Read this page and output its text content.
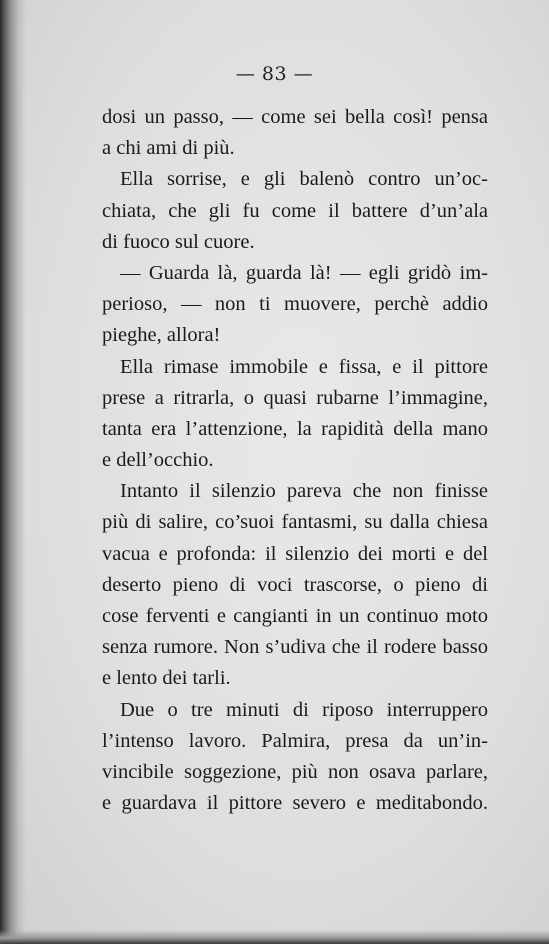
— 83 —
dosi un passo, — come sei bella così! pensa
a chi ami di più.
Ella sorrise, e gli balenò contro un’oc-
chiata, che gli fu come il battere d’un’ala
di fuoco sul cuore.
— Guarda là, guarda là! — egli gridò im-
perioso, — non ti muovere, perchè addio
pieghe, allora!
Ella rimase immobile e fissa, e il pittore
prese a ritrarla, o quasi rubarne l’immagine,
tanta era l’attenzione, la rapidità della mano
e dell’occhio.
Intanto il silenzio pareva che non finisse
più di salire, co’suoi fantasmi, su dalla chiesa
vacua e profonda: il silenzio dei morti e del
deserto pieno di voci trascorse, o pieno di
cose ferventi e cangianti in un continuo moto
senza rumore. Non s’udiva che il rodere basso
e lento dei tarli.
Due o tre minuti di riposo interruppero
l’intenso lavoro. Palmira, presa da un’in-
vincibile soggezione, più non osava parlare,
e guardava il pittore severo e meditabondo.
